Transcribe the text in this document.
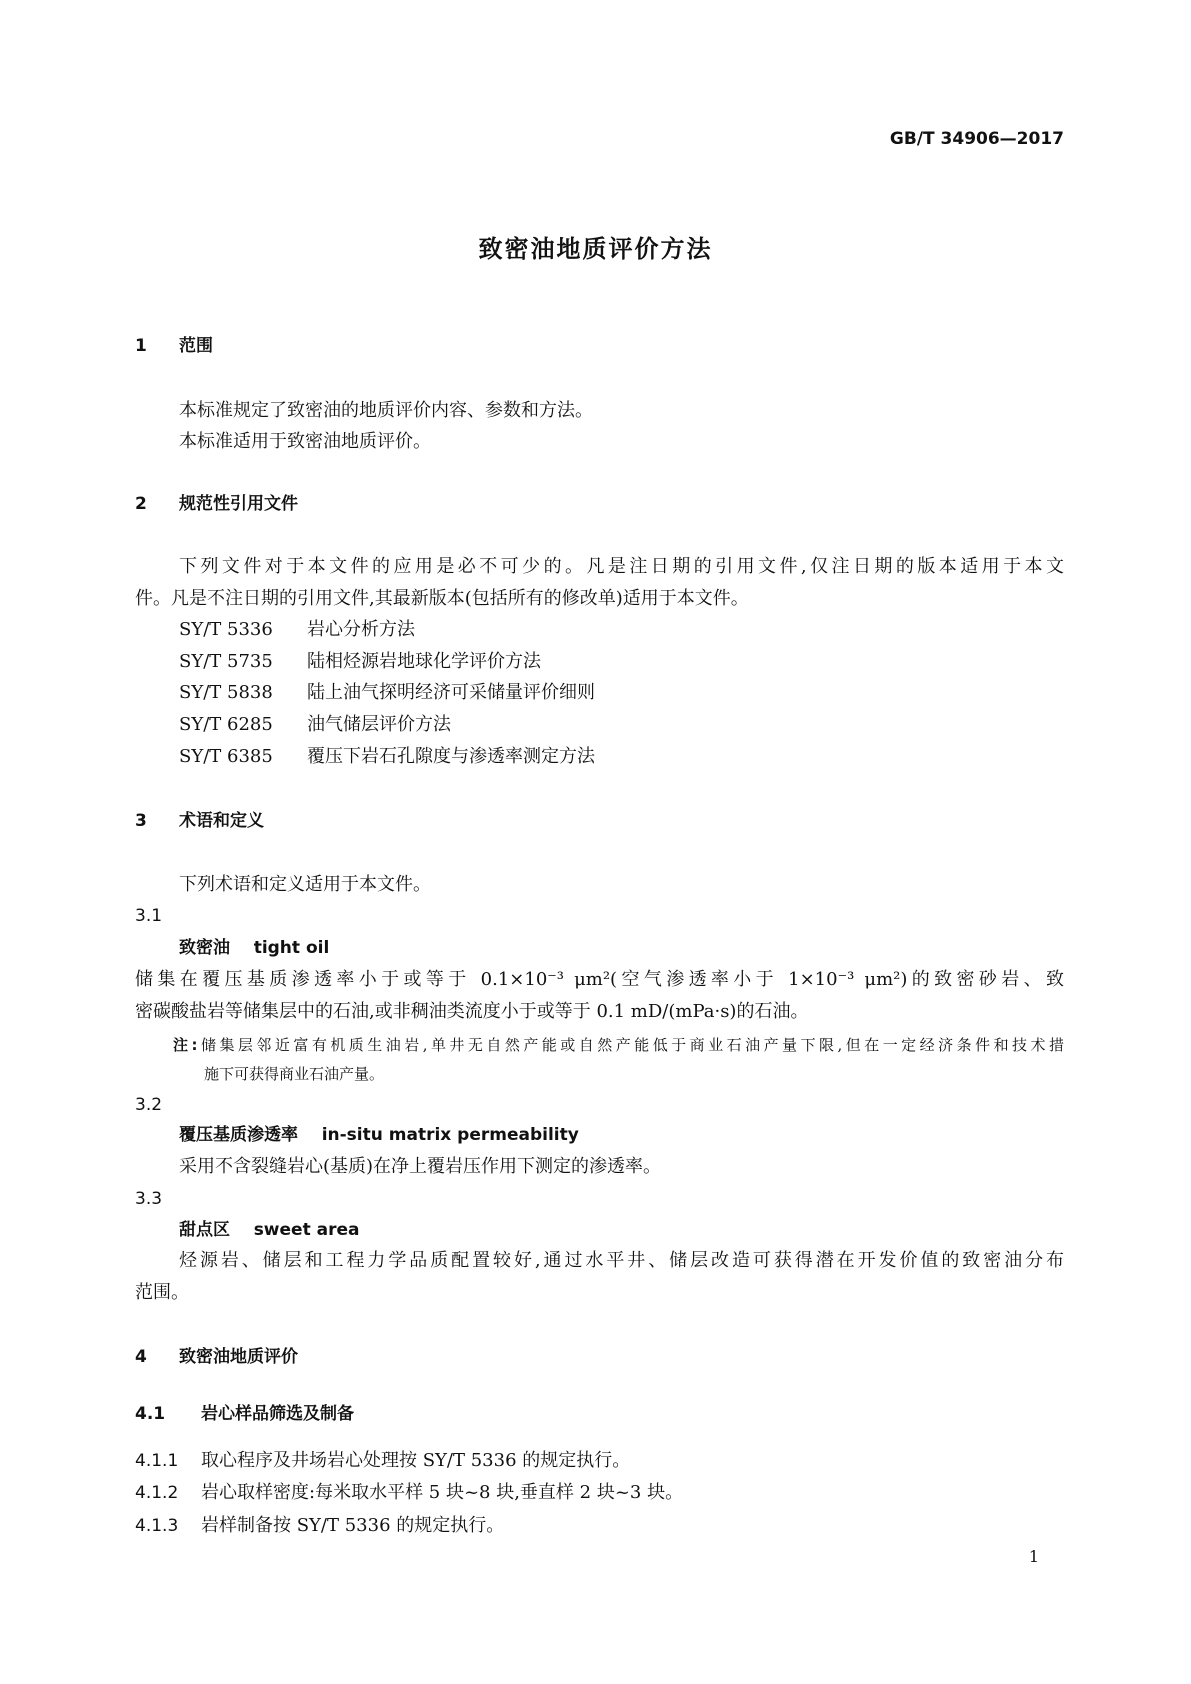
GB/T 34906—2017
致密油地质评价方法
1 范围
本标准规定了致密油的地质评价内容、参数和方法。
本标准适用于致密油地质评价。
2 规范性引用文件
下列文件对于本文件的应用是必不可少的。凡是注日期的引用文件,仅注日期的版本适用于本文
件。凡是不注日期的引用文件,其最新版本(包括所有的修改单)适用于本文件。
SY/T 5336 岩心分析方法
SY/T 5735 陆相烃源岩地球化学评价方法
SY/T 5838 陆上油气探明经济可采储量评价细则
SY/T 6285 油气储层评价方法
SY/T 6385 覆压下岩石孔隙度与渗透率测定方法
3 术语和定义
下列术语和定义适用于本文件。
3.1
致密油 tight oil
储集在覆压基质渗透率小于或等于 0.1×10⁻³ μm²(空气渗透率小于 1×10⁻³ μm²)的致密砂岩、致
密碳酸盐岩等储集层中的石油,或非稠油类流度小于或等于 0.1 mD/(mPa·s)的石油。
注:储集层邻近富有机质生油岩,单井无自然产能或自然产能低于商业石油产量下限,但在一定经济条件和技术措
施下可获得商业石油产量。
3.2
覆压基质渗透率 in-situ matrix permeability
采用不含裂缝岩心(基质)在净上覆岩压作用下测定的渗透率。
3.3
甜点区 sweet area
烃源岩、储层和工程力学品质配置较好,通过水平井、储层改造可获得潜在开发价值的致密油分布
范围。
4 致密油地质评价
4.1 岩心样品筛选及制备
4.1.1 取心程序及井场岩心处理按 SY/T 5336 的规定执行。
4.1.2 岩心取样密度:每米取水平样 5 块~8 块,垂直样 2 块~3 块。
4.1.3 岩样制备按 SY/T 5336 的规定执行。
1
